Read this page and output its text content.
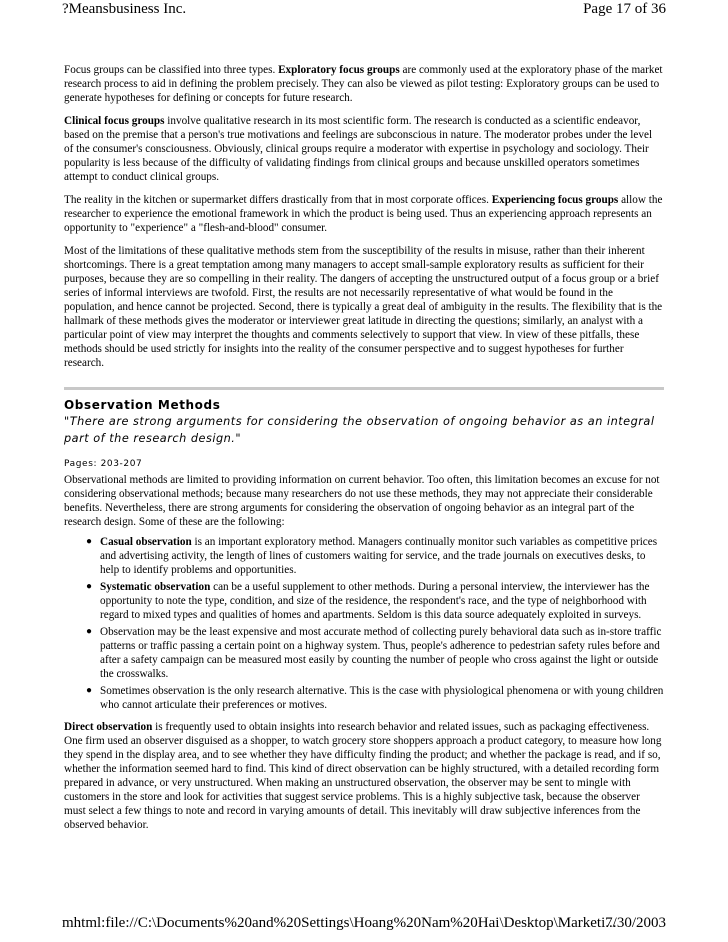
?Meansbusiness Inc.	Page 17 of 36

Focus groups can be classified into three types. Exploratory focus groups are commonly used at the exploratory phase of the market research process to aid in defining the problem precisely. They can also be viewed as pilot testing: Exploratory groups can be used to generate hypotheses for defining or concepts for future research.

Clinical focus groups involve qualitative research in its most scientific form. The research is conducted as a scientific endeavor, based on the premise that a person's true motivations and feelings are subconscious in nature. The moderator probes under the level of the consumer's consciousness. Obviously, clinical groups require a moderator with expertise in psychology and sociology. Their popularity is less because of the difficulty of validating findings from clinical groups and because unskilled operators sometimes attempt to conduct clinical groups.

The reality in the kitchen or supermarket differs drastically from that in most corporate offices. Experiencing focus groups allow the researcher to experience the emotional framework in which the product is being used. Thus an experiencing approach represents an opportunity to "experience" a "flesh-and-blood" consumer.

Most of the limitations of these qualitative methods stem from the susceptibility of the results in misuse, rather than their inherent shortcomings. There is a great temptation among many managers to accept small-sample exploratory results as sufficient for their purposes, because they are so compelling in their reality. The dangers of accepting the unstructured output of a focus group or a brief series of informal interviews are twofold. First, the results are not necessarily representative of what would be found in the population, and hence cannot be projected. Second, there is typically a great deal of ambiguity in the results. The flexibility that is the hallmark of these methods gives the moderator or interviewer great latitude in directing the questions; similarly, an analyst with a particular point of view may interpret the thoughts and comments selectively to support that view. In view of these pitfalls, these methods should be used strictly for insights into the reality of the consumer perspective and to suggest hypotheses for further research.

Observation Methods
"There are strong arguments for considering the observation of ongoing behavior as an integral part of the research design."
Pages: 203-207

Observational methods are limited to providing information on current behavior. Too often, this limitation becomes an excuse for not considering observational methods; because many researchers do not use these methods, they may not appreciate their considerable benefits. Nevertheless, there are strong arguments for considering the observation of ongoing behavior as an integral part of the research design. Some of these are the following:

● Casual observation is an important exploratory method. Managers continually monitor such variables as competitive prices and advertising activity, the length of lines of customers waiting for service, and the trade journals on executives desks, to help to identify problems and opportunities.
● Systematic observation can be a useful supplement to other methods. During a personal interview, the interviewer has the opportunity to note the type, condition, and size of the residence, the respondent's race, and the type of neighborhood with regard to mixed types and qualities of homes and apartments. Seldom is this data source adequately exploited in surveys.
● Observation may be the least expensive and most accurate method of collecting purely behavioral data such as in-store traffic patterns or traffic passing a certain point on a highway system. Thus, people's adherence to pedestrian safety rules before and after a safety campaign can be measured most easily by counting the number of people who cross against the light or outside the crosswalks.
● Sometimes observation is the only research alternative. This is the case with physiological phenomena or with young children who cannot articulate their preferences or motives.

Direct observation is frequently used to obtain insights into research behavior and related issues, such as packaging effectiveness. One firm used an observer disguised as a shopper, to watch grocery store shoppers approach a product category, to measure how long they spend in the display area, and to see whether they have difficulty finding the product; and whether the package is read, and if so, whether the information seemed hard to find. This kind of direct observation can be highly structured, with a detailed recording form prepared in advance, or very unstructured. When making an unstructured observation, the observer may be sent to mingle with customers in the store and look for activities that suggest service problems. This is a highly subjective task, because the observer must select a few things to note and record in varying amounts of detail. This inevitably will draw subjective inferences from the observed behavior.

mhtml:file://C:\Documents%20and%20Settings\Hoang%20Nam%20Hai\Desktop\Marketi...
7/30/2003
